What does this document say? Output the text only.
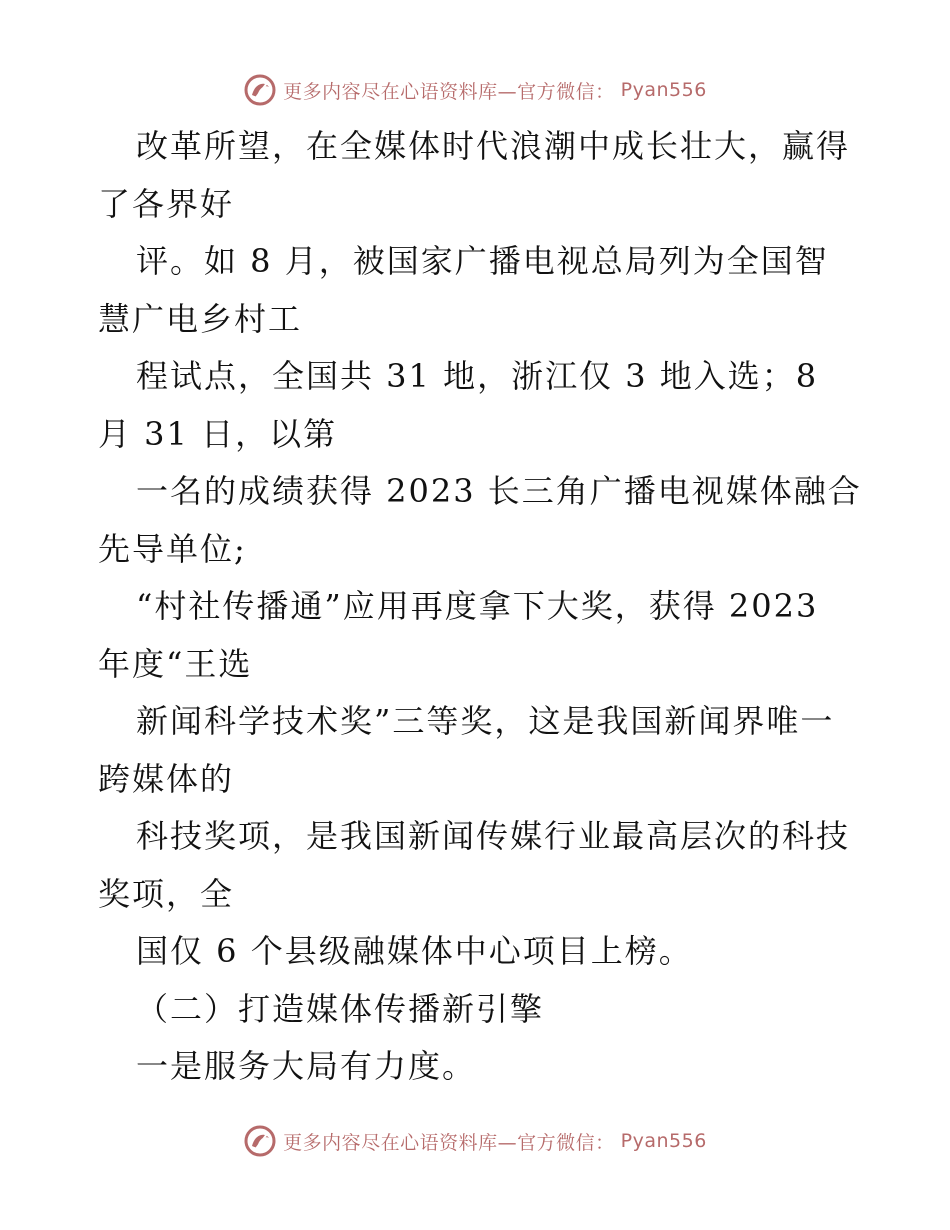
更多内容尽在心语资料库—官方微信： Pyan556
改革所望，在全媒体时代浪潮中成长壮大，赢得
了各界好
评。如 8 月，被国家广播电视总局列为全国智
慧广电乡村工
程试点，全国共 31 地，浙江仅 3 地入选；8
月 31 日，以第
一名的成绩获得 2023 长三角广播电视媒体融合
先导单位;
“村社传播通”应用再度拿下大奖，获得 2023
年度“王选
新闻科学技术奖”三等奖，这是我国新闻界唯一
跨媒体的
科技奖项，是我国新闻传媒行业最高层次的科技
奖项，全
国仅 6 个县级融媒体中心项目上榜。
（二）打造媒体传播新引擎
一是服务大局有力度。
更多内容尽在心语资料库—官方微信： Pyan556
